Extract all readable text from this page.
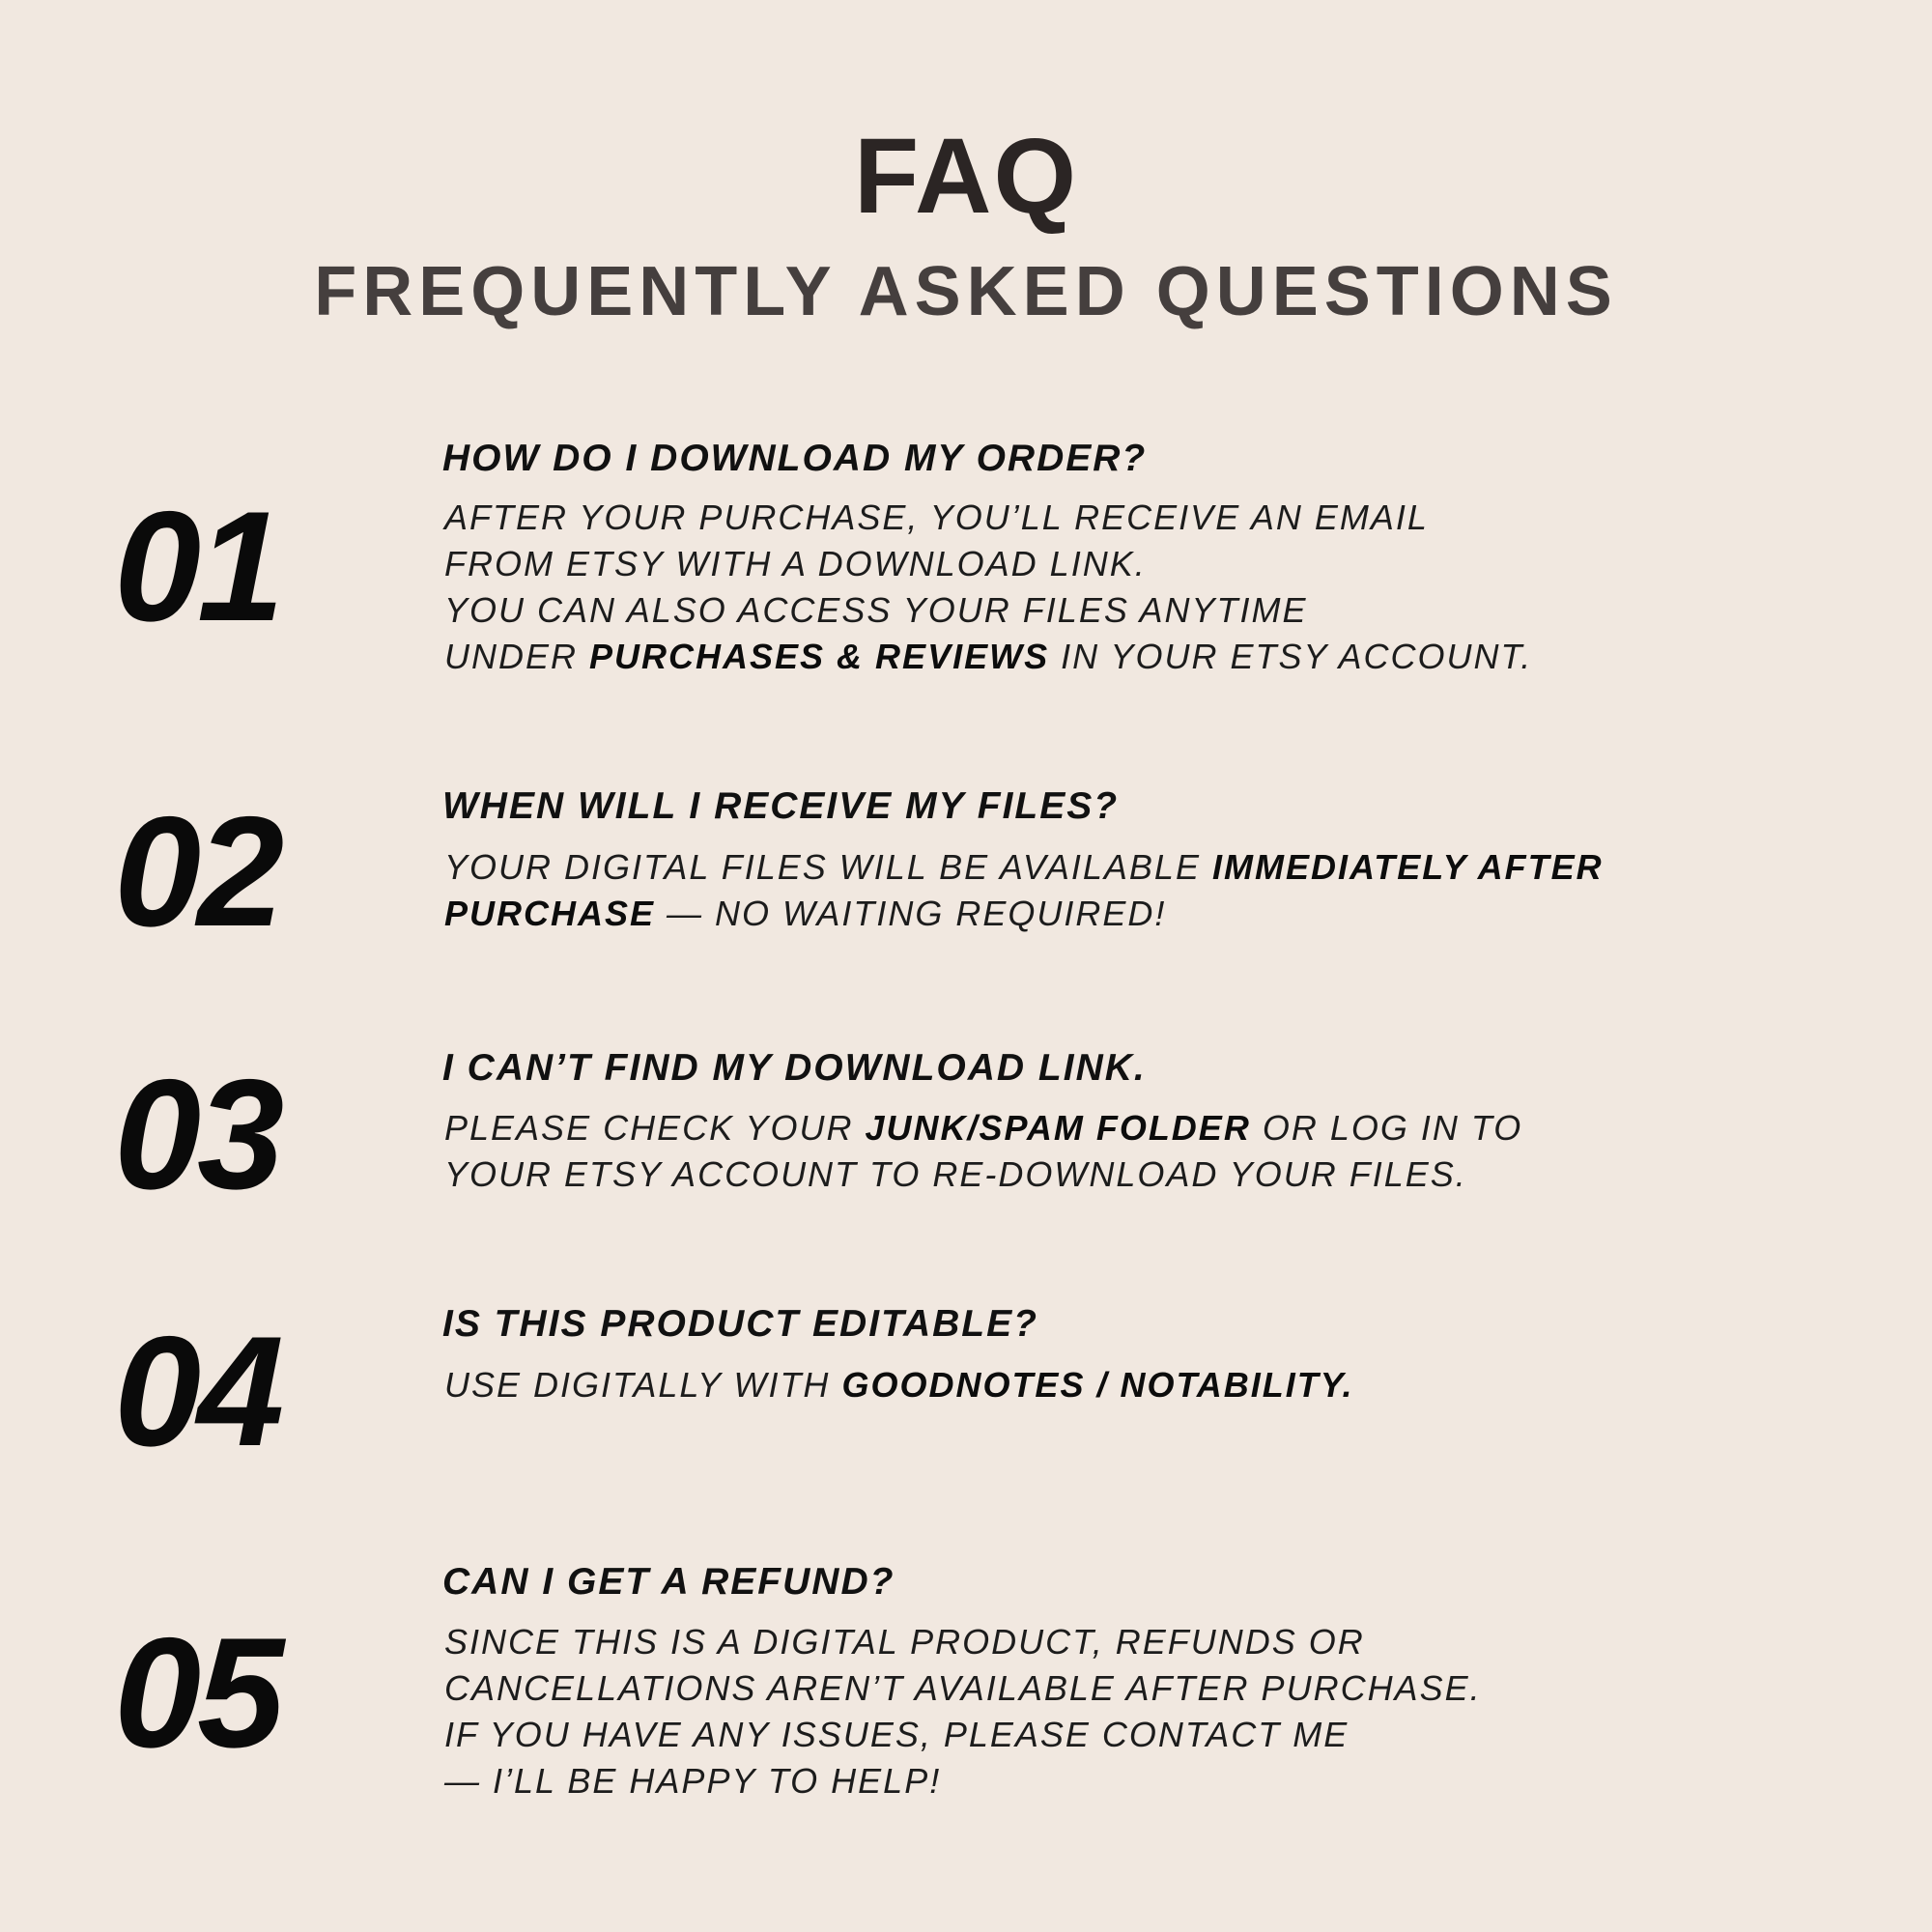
FAQ
FREQUENTLY ASKED QUESTIONS
01
HOW DO I DOWNLOAD MY ORDER?
AFTER YOUR PURCHASE, YOU’LL RECEIVE AN EMAIL
FROM ETSY WITH A DOWNLOAD LINK.
YOU CAN ALSO ACCESS YOUR FILES ANYTIME
UNDER PURCHASES & REVIEWS IN YOUR ETSY ACCOUNT.
02	WHEN WILL I RECEIVE MY FILES?
YOUR DIGITAL FILES WILL BE AVAILABLE IMMEDIATELY AFTER
PURCHASE — NO WAITING REQUIRED!
03	I CAN’T FIND MY DOWNLOAD LINK.
PLEASE CHECK YOUR JUNK/SPAM FOLDER OR LOG IN TO
YOUR ETSY ACCOUNT TO RE-DOWNLOAD YOUR FILES.
04	IS THIS PRODUCT EDITABLE?
USE DIGITALLY WITH GOODNOTES / NOTABILITY.
05
CAN I GET A REFUND?
SINCE THIS IS A DIGITAL PRODUCT, REFUNDS OR
CANCELLATIONS AREN’T AVAILABLE AFTER PURCHASE.
IF YOU HAVE ANY ISSUES, PLEASE CONTACT ME
— I’LL BE HAPPY TO HELP!
